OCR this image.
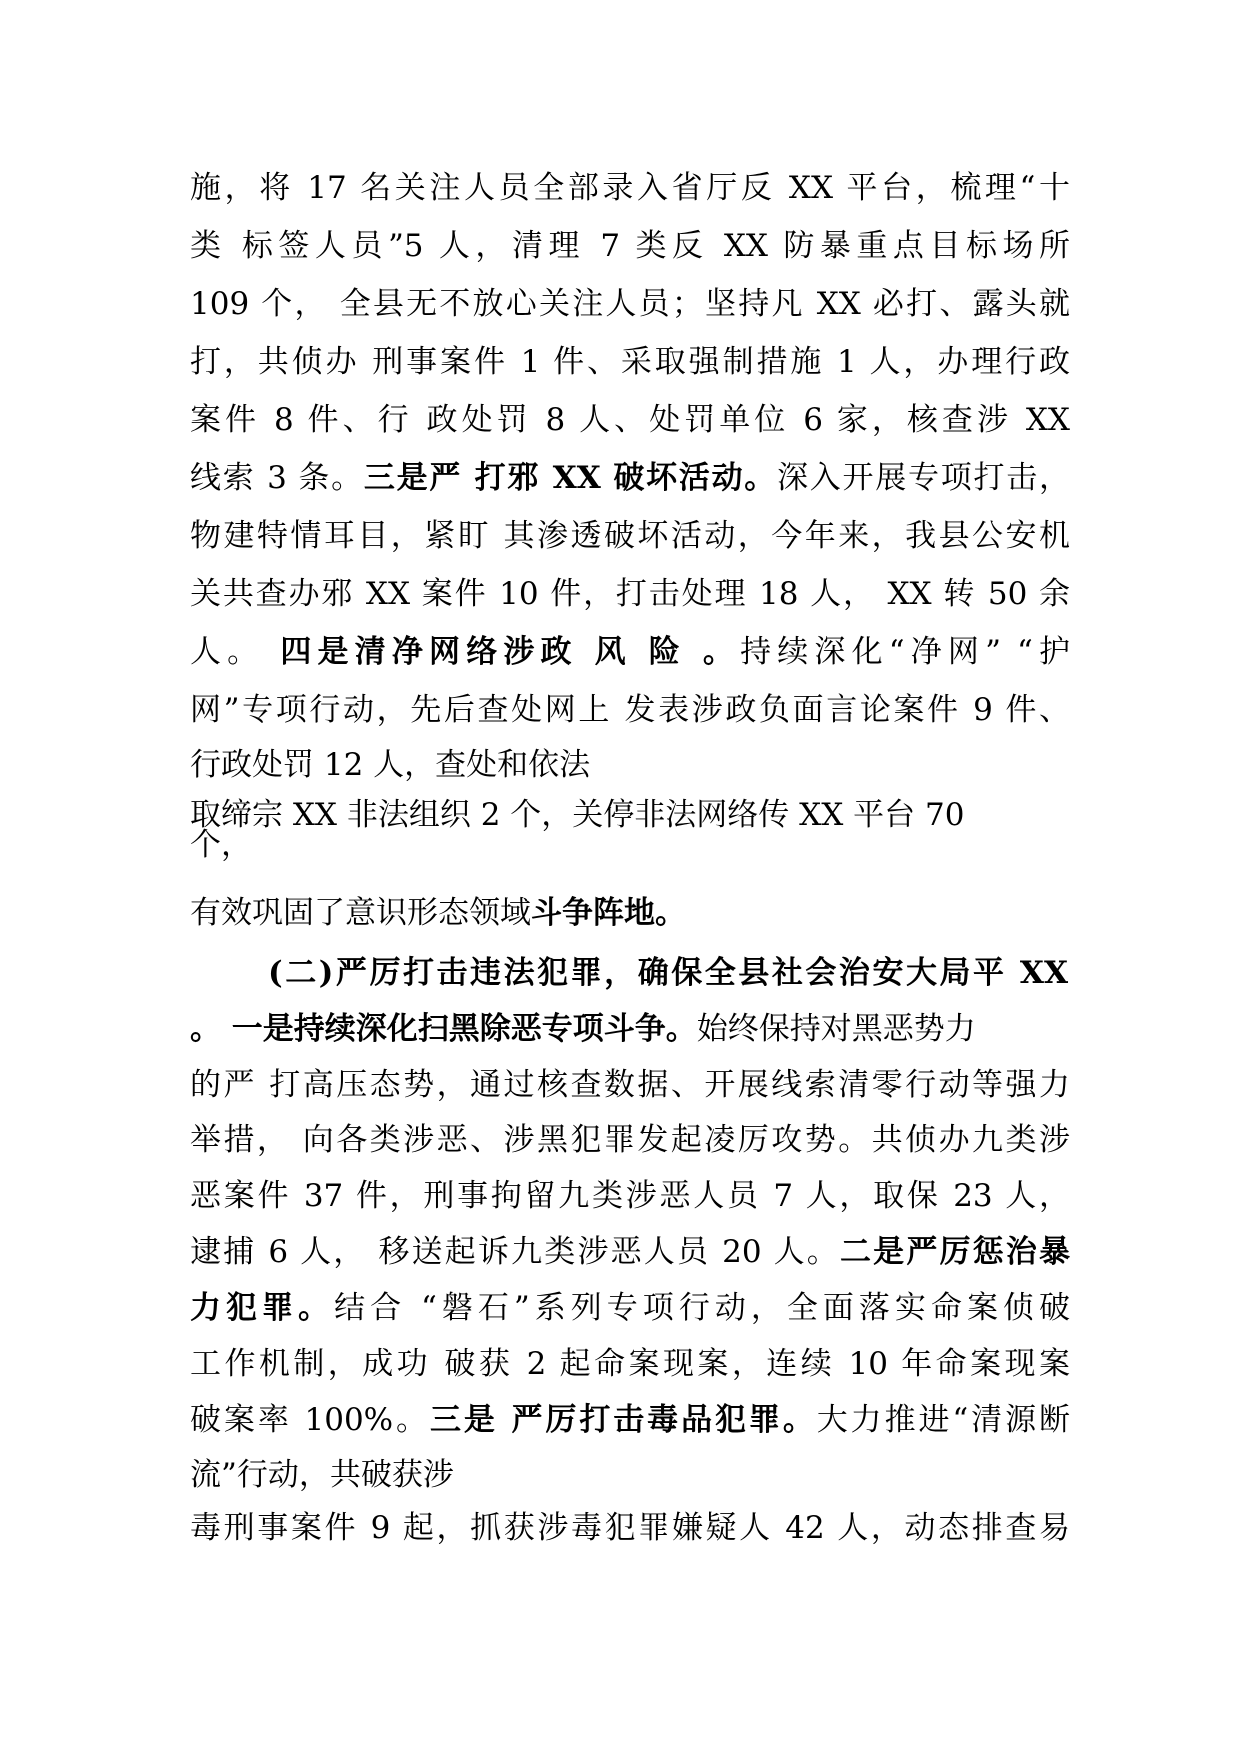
施，将 17 名关注人员全部录入省厅反 XX 平台，梳理“十
类 标签人员”5 人，清理 7 类反 XX 防暴重点目标场所
109 个， 全县无不放心关注人员；坚持凡 XX 必打、露头就
打，共侦办 刑事案件 1 件、采取强制措施 1 人，办理行政
案件 8 件、行 政处罚 8 人、处罚单位 6 家，核查涉 XX
线索 3 条。三是严 打邪 XX 破坏活动。深入开展专项打击，
物建特情耳目，紧盯 其渗透破坏活动，今年来，我县公安机
关共查办邪 XX 案件 10 件，打击处理 18 人， XX 转 50 余
人。 四是清净网络涉政 风 险 。持续深化“净网” “护
网”专项行动，先后查处网上 发表涉政负面言论案件 9 件、
行政处罚 12 人，查处和依法
取缔宗 XX 非法组织 2 个，关停非法网络传 XX 平台 70
个，
有效巩固了意识形态领域斗争阵地。
(二)严厉打击违法犯罪，确保全县社会治安大局平 XX
。 一是持续深化扫黑除恶专项斗争。始终保持对黑恶势力
的严 打高压态势，通过核查数据、开展线索清零行动等强力
举措， 向各类涉恶、涉黑犯罪发起凌厉攻势。共侦办九类涉
恶案件 37 件，刑事拘留九类涉恶人员 7 人，取保 23 人，
逮捕 6 人， 移送起诉九类涉恶人员 20 人。二是严厉惩治暴
力犯罪。结合 “磐石”系列专项行动，全面落实命案侦破
工作机制，成功 破获 2 起命案现案，连续 10 年命案现案
破案率 100%。三是 严厉打击毒品犯罪。大力推进“清源断
流”行动，共破获涉
毒刑事案件 9 起，抓获涉毒犯罪嫌疑人 42 人，动态排查易
